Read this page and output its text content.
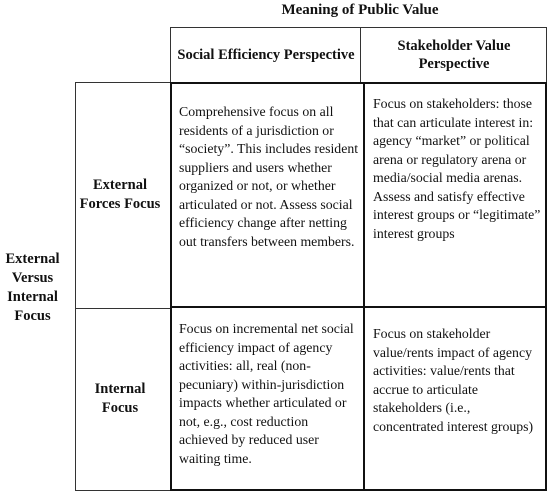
Meaning of Public Value
Social Efficiency Perspective
Stakeholder Value Perspective
External Versus Internal Focus
External Forces Focus
Internal Focus
Comprehensive focus on all residents of a jurisdiction or “society”. This includes resident suppliers and users whether organized or not, or whether articulated or not. Assess social efficiency change after netting out transfers between members.
Focus on stakeholders: those that can articulate interest in: agency “market” or political arena or regulatory arena or media/social media arenas. Assess and satisfy effective interest groups or “legitimate” interest groups
Focus on incremental net social efficiency impact of agency activities: all, real (non-pecuniary) within-jurisdiction impacts whether articulated or not, e.g., cost reduction achieved by reduced user waiting time.
Focus on stakeholder value/rents impact of agency activities: value/rents that accrue to articulate stakeholders (i.e., concentrated interest groups)
